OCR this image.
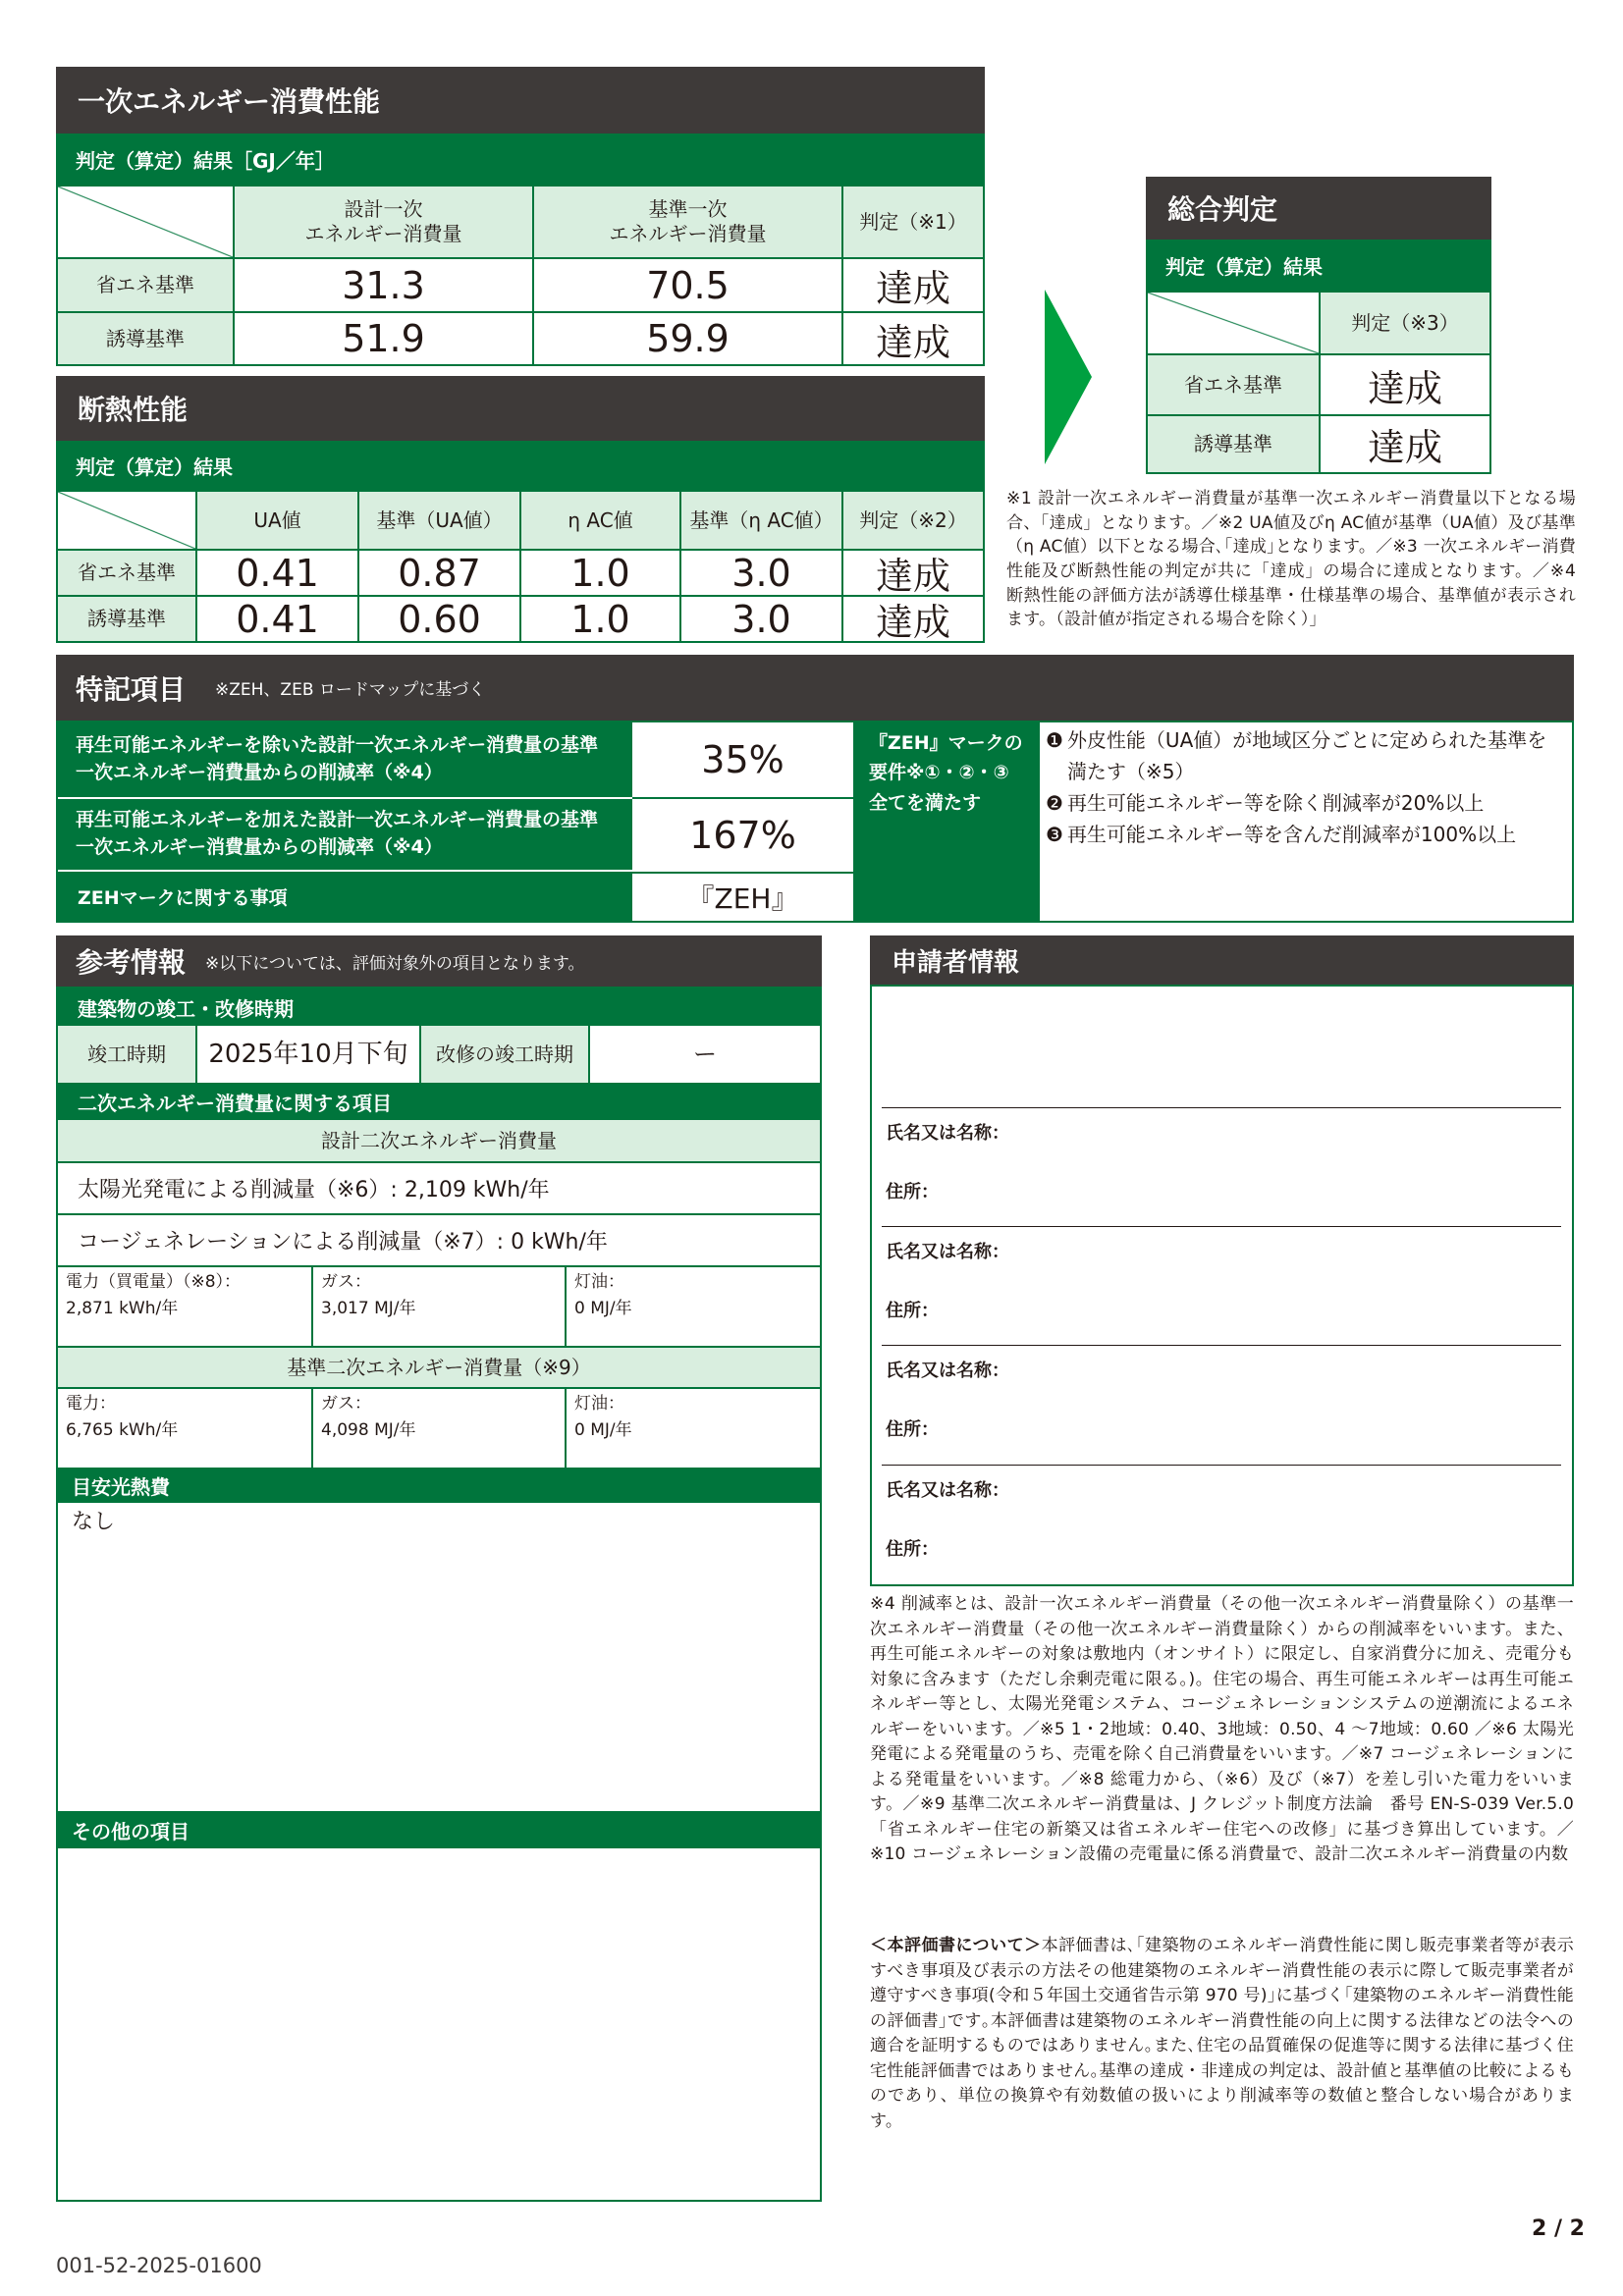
一次エネルギー消費性能
判定（算定）結果［GJ／年］
設計一次
エネルギー消費量
基準一次
エネルギー消費量
判定（※1）
省エネ基準	31.3	70.5	達成
誘導基準	51.9	59.9	達成
断熱性能
判定（算定）結果
UA値	基準（UA値）	η AC値	基準（η AC値）	判定（※2）
省エネ基準	0.41	0.87	1.0	3.0	達成
誘導基準	0.41	0.60	1.0	3.0	達成
総合判定
判定（算定）結果
判定（※3）
省エネ基準	達成
誘導基準	達成
※1 設計一次エネルギー消費量が基準一次エネルギー消費量以下となる場合、「達成」となります。／※2 UA値及びη AC値が基準（UA値）及び基準（η AC値）以下となる場合､｢達成｣となります。／※3 一次エネルギー消費性能及び断熱性能の判定が共に「達成」の場合に達成となります。／※4 断熱性能の評価方法が誘導仕様基準・仕様基準の場合、基準値が表示されます。（設計値が指定される場合を除く）」
特記項目 ※ZEH、ZEB ロードマップに基づく
再生可能エネルギーを除いた設計一次エネルギー消費量の基準一次エネルギー消費量からの削減率（※4）	35%
再生可能エネルギーを加えた設計一次エネルギー消費量の基準一次エネルギー消費量からの削減率（※4）	167%
ZEHマークに関する事項	『ZEH』
『ZEH』マークの要件※①・②・③ 全てを満たす
❶ 外皮性能（UA値）が地域区分ごとに定められた基準を満たす（※5）
❷ 再生可能エネルギー等を除く削減率が20%以上
❸ 再生可能エネルギー等を含んだ削減率が100%以上
参考情報 ※以下については、評価対象外の項目となります。
建築物の竣工・改修時期
竣工時期	2025年10月下旬	改修の竣工時期	ー
二次エネルギー消費量に関する項目
設計二次エネルギー消費量
太陽光発電による削減量（※6）: 2,109 kWh/年
コージェネレーションによる削減量（※7）: 0 kWh/年
電力（買電量）（※8）：
2,871 kWh/年
ガス：
3,017 MJ/年
灯油：
0 MJ/年
基準二次エネルギー消費量（※9）
電力：
6,765 kWh/年
ガス：
4,098 MJ/年
灯油：
0 MJ/年
目安光熱費
なし
その他の項目
申請者情報
氏名又は名称：
住所：
氏名又は名称：
住所：
氏名又は名称：
住所：
氏名又は名称：
住所：
※4 削減率とは、設計一次エネルギー消費量（その他一次エネルギー消費量除く）の基準一次エネルギー消費量（その他一次エネルギー消費量除く）からの削減率をいいます。また、再生可能エネルギーの対象は敷地内（オンサイト）に限定し、自家消費分に加え、売電分も対象に含みます（ただし余剰売電に限る。)。住宅の場合、再生可能エネルギーは再生可能エネルギー等とし、太陽光発電システム、コージェネレーションシステムの逆潮流によるエネルギーをいいます。／※5 1・2地域：0.40、3地域：0.50、4 ～7地域：0.60 ／※6 太陽光発電による発電量のうち、売電を除く自己消費量をいいます。／※7 コージェネレーションによる発電量をいいます。／※8 総電力から、（※6）及び（※7）を差し引いた電力をいいます。／※9 基準二次エネルギー消費量は、J クレジット制度方法論　番号 EN-S-039 Ver.5.0「省エネルギー住宅の新築又は省エネルギー住宅への改修」に基づき算出しています。／※10 コージェネレーション設備の売電量に係る消費量で、設計二次エネルギー消費量の内数
＜本評価書について＞本評価書は､｢建築物のエネルギー消費性能に関し販売事業者等が表示すべき事項及び表示の方法その他建築物のエネルギー消費性能の表示に際して販売事業者が遵守すべき事項(令和５年国土交通省告示第 970 号)｣に基づく｢建築物のエネルギー消費性能の評価書｣です｡本評価書は建築物のエネルギー消費性能の向上に関する法律などの法令への適合を証明するものではありません｡また､住宅の品質確保の促進等に関する法律に基づく住宅性能評価書ではありません｡基準の達成・非達成の判定は、設計値と基準値の比較によるものであり、単位の換算や有効数値の扱いにより削減率等の数値と整合しない場合があります。
2 / 2
001-52-2025-01600
